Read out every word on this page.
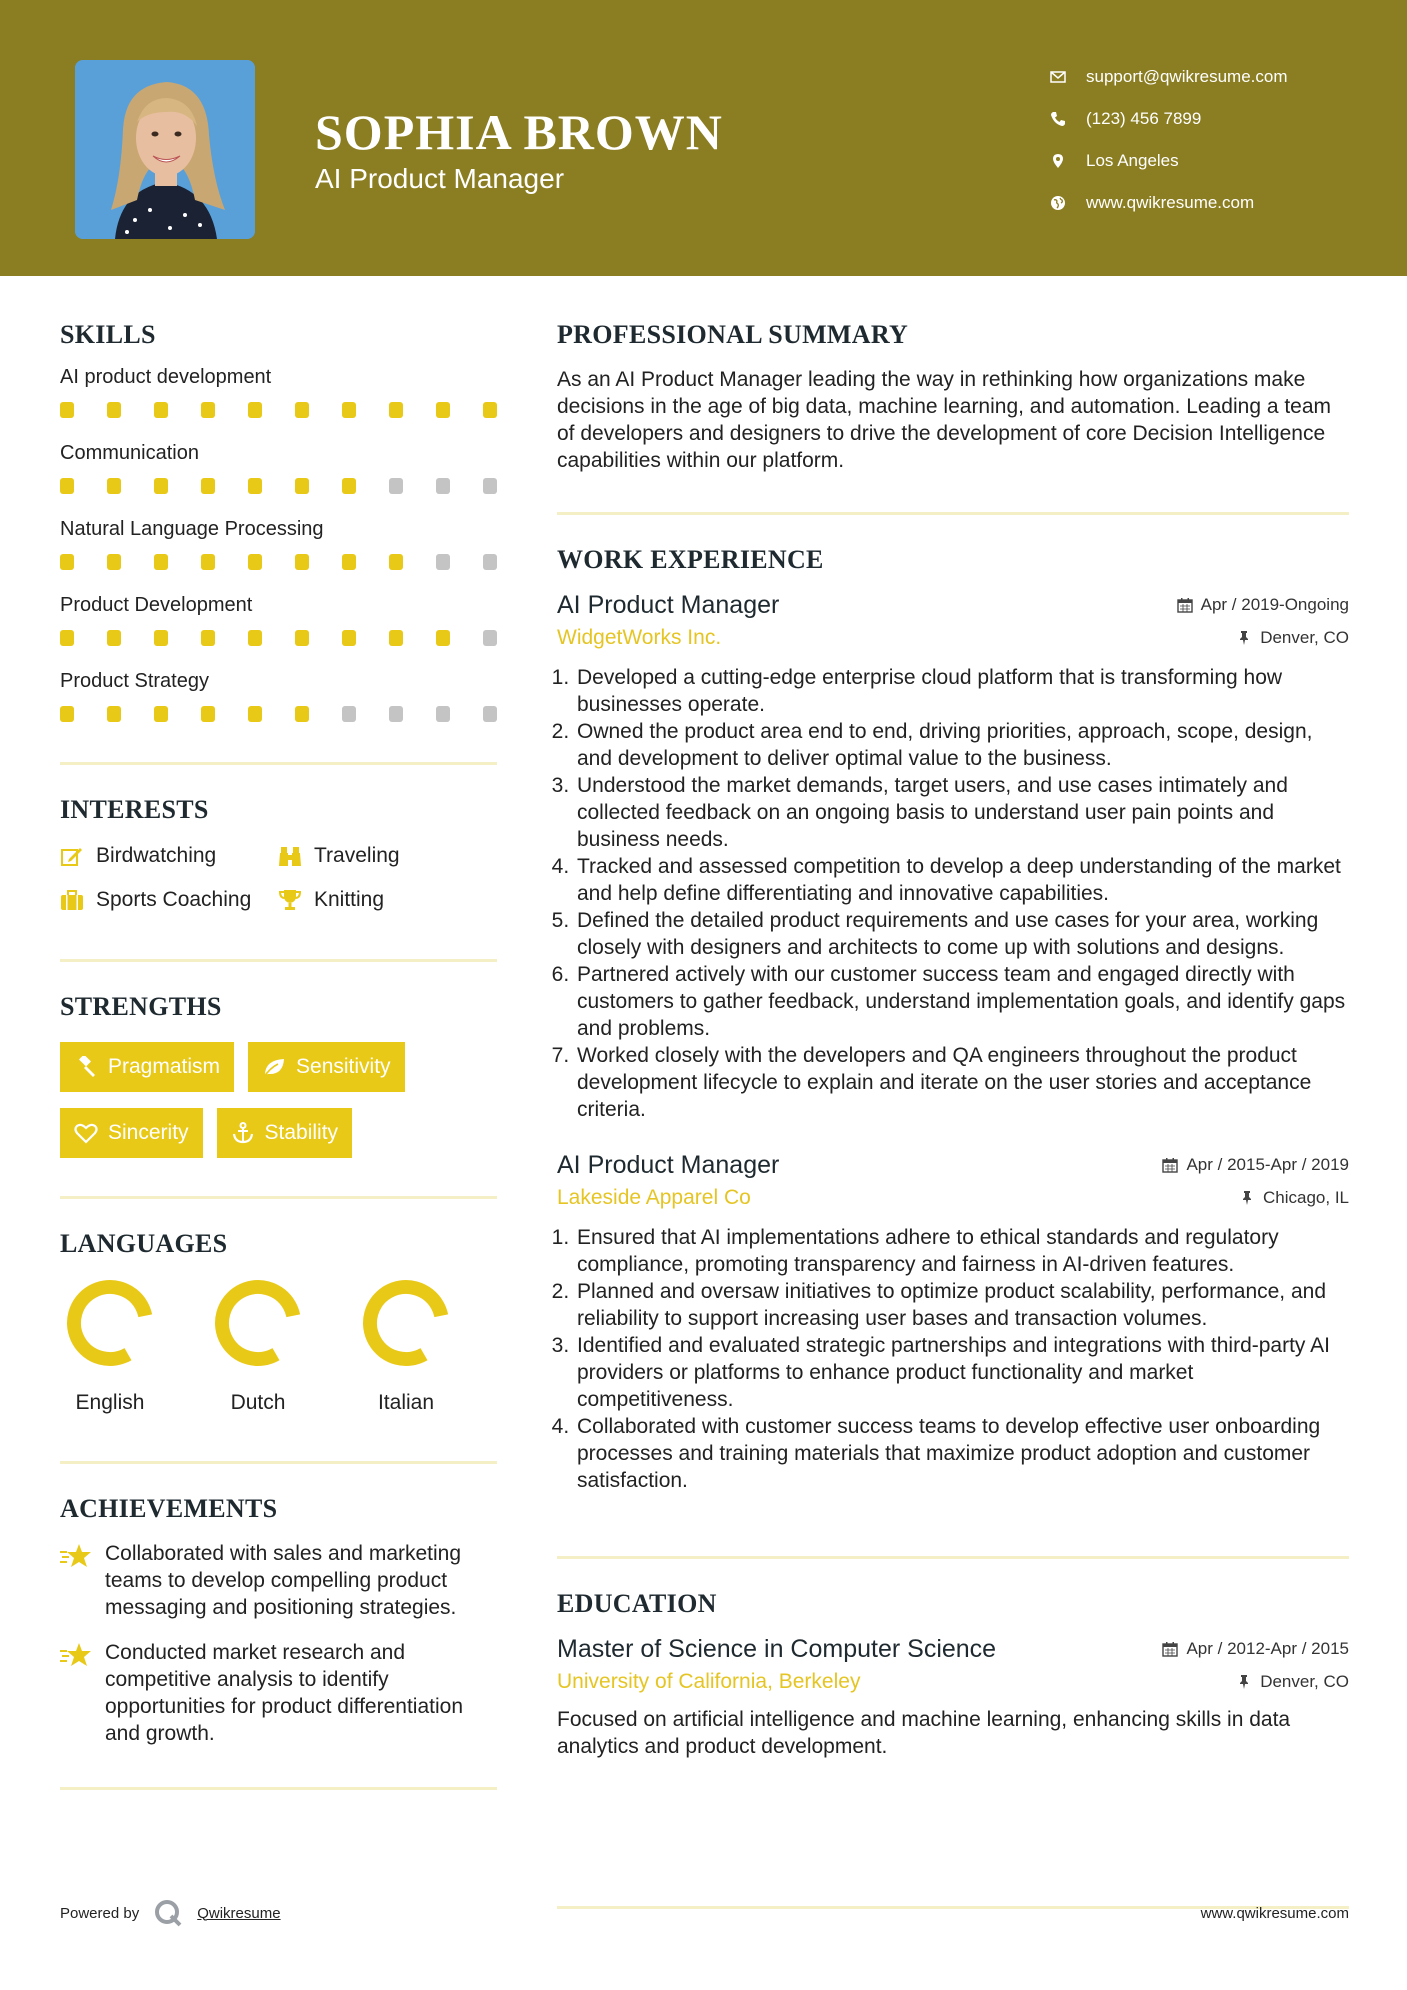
SOPHIA BROWN
AI Product Manager
support@qwikresume.com
(123) 456 7899
Los Angeles
www.qwikresume.com
SKILLS
AI product development
Communication
Natural Language Processing
Product Development
Product Strategy
INTERESTS
Birdwatching	Traveling
Sports Coaching	Knitting
STRENGTHS
Pragmatism	Sensitivity
Sincerity	Stability
LANGUAGES
English	Dutch	Italian
ACHIEVEMENTS
Collaborated with sales and marketing teams to develop compelling product messaging and positioning strategies.
Conducted market research and competitive analysis to identify opportunities for product differentiation and growth.
PROFESSIONAL SUMMARY
As an AI Product Manager leading the way in rethinking how organizations make decisions in the age of big data, machine learning, and automation. Leading a team of developers and designers to drive the development of core Decision Intelligence capabilities within our platform.
WORK EXPERIENCE
AI Product Manager	Apr / 2019-Ongoing
WidgetWorks Inc.	Denver, CO
1. Developed a cutting-edge enterprise cloud platform that is transforming how businesses operate.
2. Owned the product area end to end, driving priorities, approach, scope, design, and development to deliver optimal value to the business.
3. Understood the market demands, target users, and use cases intimately and collected feedback on an ongoing basis to understand user pain points and business needs.
4. Tracked and assessed competition to develop a deep understanding of the market and help define differentiating and innovative capabilities.
5. Defined the detailed product requirements and use cases for your area, working closely with designers and architects to come up with solutions and designs.
6. Partnered actively with our customer success team and engaged directly with customers to gather feedback, understand implementation goals, and identify gaps and problems.
7. Worked closely with the developers and QA engineers throughout the product development lifecycle to explain and iterate on the user stories and acceptance criteria.
AI Product Manager	Apr / 2015-Apr / 2019
Lakeside Apparel Co	Chicago, IL
1. Ensured that AI implementations adhere to ethical standards and regulatory compliance, promoting transparency and fairness in AI-driven features.
2. Planned and oversaw initiatives to optimize product scalability, performance, and reliability to support increasing user bases and transaction volumes.
3. Identified and evaluated strategic partnerships and integrations with third-party AI providers or platforms to enhance product functionality and market competitiveness.
4. Collaborated with customer success teams to develop effective user onboarding processes and training materials that maximize product adoption and customer satisfaction.
EDUCATION
Master of Science in Computer Science	Apr / 2012-Apr / 2015
University of California, Berkeley	Denver, CO
Focused on artificial intelligence and machine learning, enhancing skills in data analytics and product development.
Powered by	Qwikresume	www.qwikresume.com
